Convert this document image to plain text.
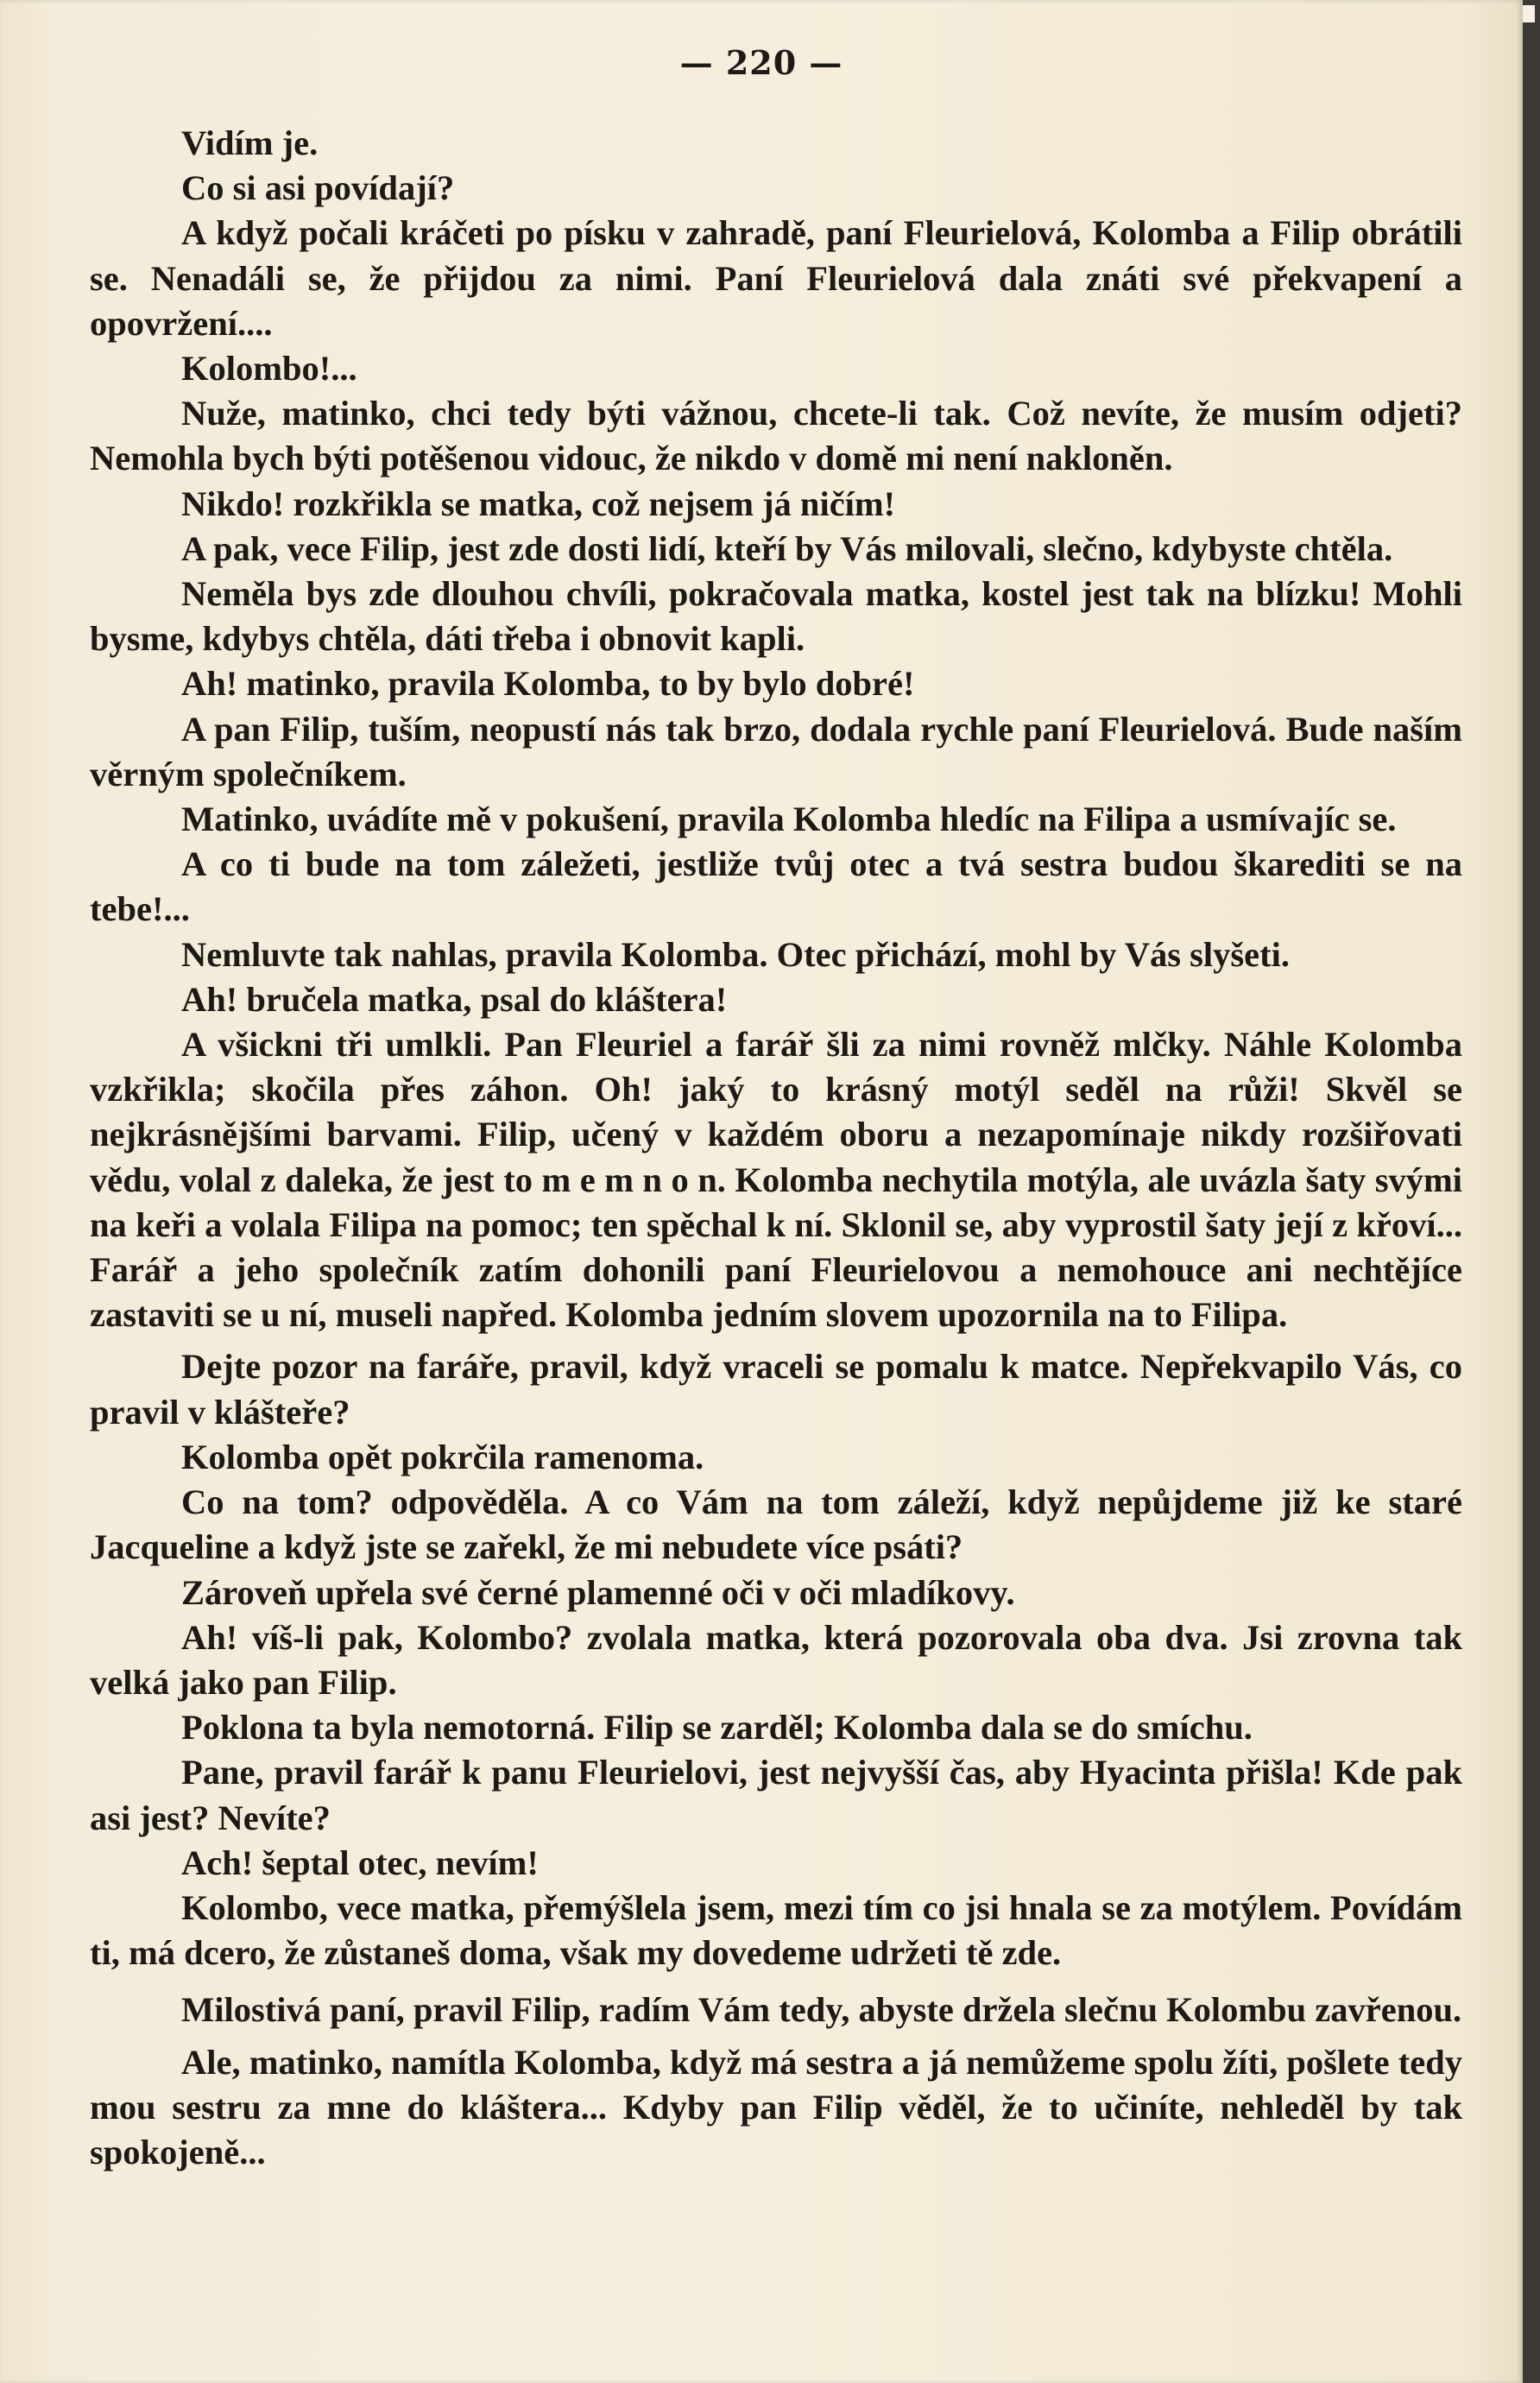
— 220 —

Vidím je.

Co si asi povídají?

A když počali kráčeti po písku v zahradě, paní Fleurielová, Kolomba a Filip obrátili se. Nenadáli se, že přijdou za nimi. Paní Fleurielová dala znáti své překvapení a opovržení....

Kolombo!...

Nuže, matinko, chci tedy býti vážnou, chcete-li tak. Což nevíte, že musím odjeti? Nemohla bych býti potěšenou vidouc, že nikdo v domě mi není nakloněn.

Nikdo! rozkřikla se matka, což nejsem já ničím!

A pak, vece Filip, jest zde dosti lidí, kteří by Vás milovali, slečno, kdybyste chtěla.

Neměla bys zde dlouhou chvíli, pokračovala matka, kostel jest tak na blízku! Mohli bysme, kdybys chtěla, dáti třeba i obnovit kapli.

Ah! matinko, pravila Kolomba, to by bylo dobré!

A pan Filip, tuším, neopustí nás tak brzo, dodala rychle paní Fleurielová. Bude naším věrným společníkem.

Matinko, uvádíte mě v pokušení, pravila Kolomba hledíc na Filipa a usmívajíc se.

A co ti bude na tom záležeti, jestliže tvůj otec a tvá sestra budou škarediti se na tebe!...

Nemluvte tak nahlas, pravila Kolomba. Otec přichází, mohl by Vás slyšeti.

Ah! bručela matka, psal do kláštera!

A všickni tři umlkli. Pan Fleuriel a farář šli za nimi rovněž mlčky. Náhle Kolomba vzkřikla; skočila přes záhon. Oh! jaký to krásný motýl seděl na růži! Skvěl se nejkrásnějšími barvami. Filip, učený v každém oboru a nezapomínaje nikdy rozšiřovati vědu, volal z daleka, že jest to m e m n o n. Kolomba nechytila motýla, ale uvázla šaty svými na keři a volala Filipa na pomoc; ten spěchal k ní. Sklonil se, aby vyprostil šaty její z křoví... Farář a jeho společník zatím dohonili paní Fleurielovou a nemohouce ani nechtějíce zastaviti se u ní, museli napřed. Kolomba jedním slovem upozornila na to Filipa.

Dejte pozor na faráře, pravil, když vraceli se pomalu k matce. Nepřekvapilo Vás, co pravil v klášteře?

Kolomba opět pokrčila ramenoma.

Co na tom? odpověděla. A co Vám na tom záleží, když nepůjdeme již ke staré Jacqueline a když jste se zařekl, že mi nebudete více psáti?

Zároveň upřela své černé plamenné oči v oči mladíkovy.

Ah! víš-li pak, Kolombo? zvolala matka, která pozorovala oba dva. Jsi zrovna tak velká jako pan Filip.

Poklona ta byla nemotorná. Filip se zarděl; Kolomba dala se do smíchu.

Pane, pravil farář k panu Fleurielovi, jest nejvyšší čas, aby Hyacinta přišla! Kde pak asi jest? Nevíte?

Ach! šeptal otec, nevím!

Kolombo, vece matka, přemýšlela jsem, mezi tím co jsi hnala se za motýlem. Povídám ti, má dcero, že zůstaneš doma, však my dovedeme udržeti tě zde.

Milostivá paní, pravil Filip, radím Vám tedy, abyste držela slečnu Kolombu zavřenou.

Ale, matinko, namítla Kolomba, když má sestra a já nemůžeme spolu žíti, pošlete tedy mou sestru za mne do kláštera... Kdyby pan Filip věděl, že to učiníte, nehleděl by tak spokojeně...
